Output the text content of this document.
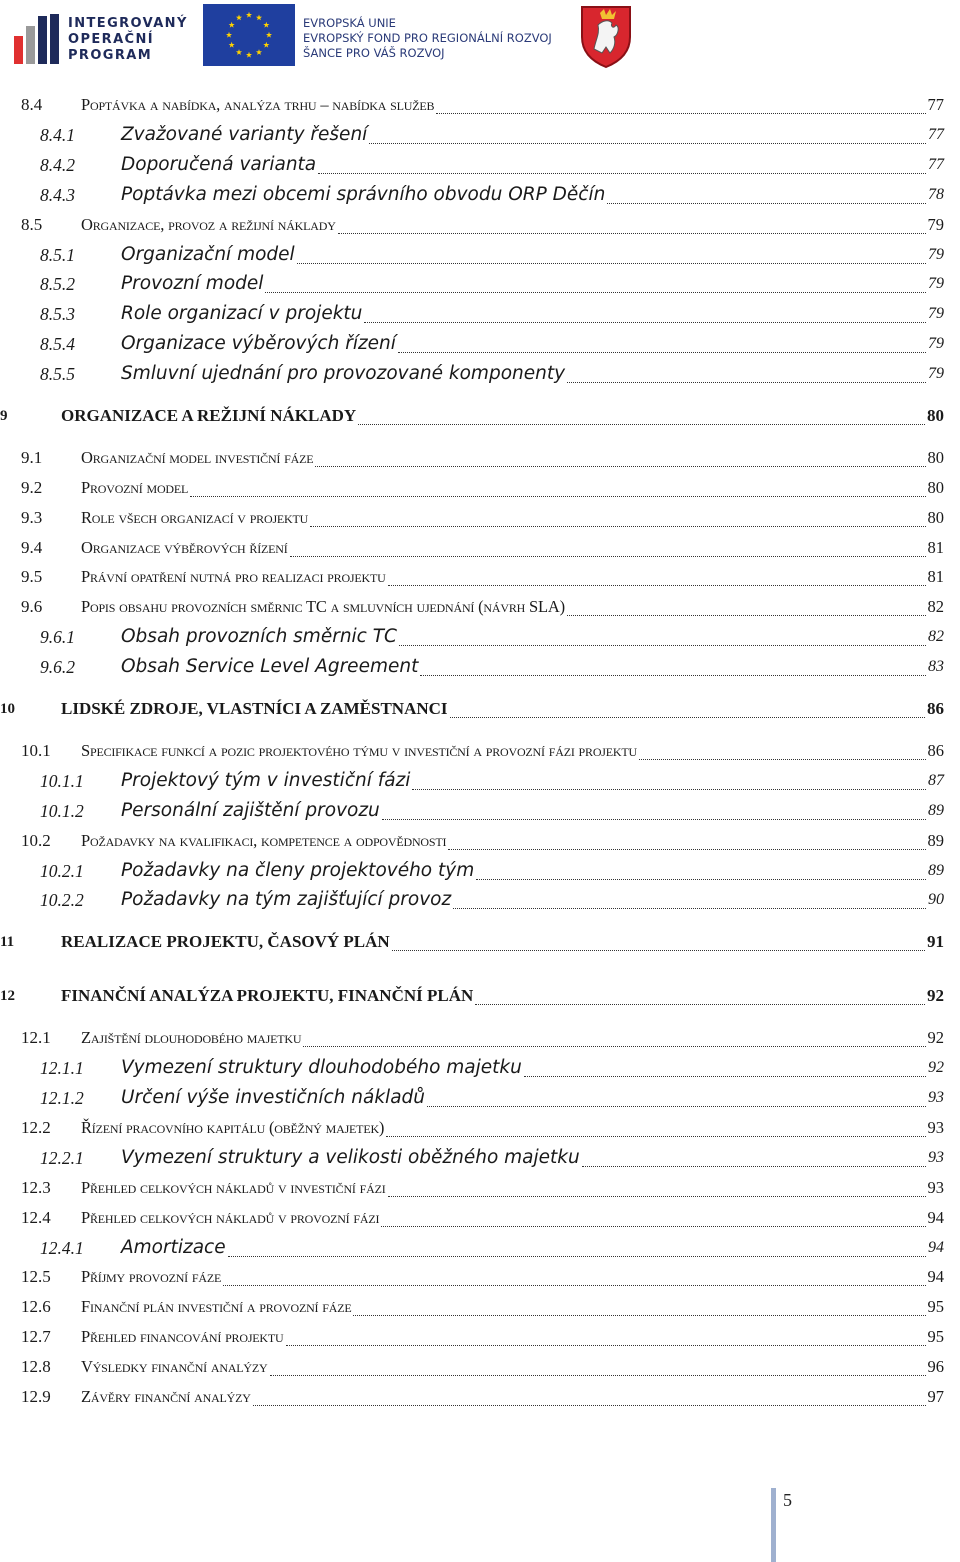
INTEGROVANÝ
OPERAČNÍ
PROGRAM
EVROPSKÁ UNIE
EVROPSKÝ FOND PRO REGIONÁLNÍ ROZVOJ
ŠANCE PRO VÁŠ ROZVOJ
8.4	Poptávka a nabídka, analýza trhu – nabídka služeb	77
8.4.1	Zvažované varianty řešení	77
8.4.2	Doporučená varianta	77
8.4.3	Poptávka mezi obcemi správního obvodu ORP Děčín	78
8.5	Organizace, provoz a režijní náklady	79
8.5.1	Organizační model	79
8.5.2	Provozní model	79
8.5.3	Role organizací v projektu	79
8.5.4	Organizace výběrových řízení	79
8.5.5	Smluvní ujednání pro provozované komponenty	79
9	ORGANIZACE A REŽIJNÍ NÁKLADY	80
9.1	Organizační model investiční fáze	80
9.2	Provozní model	80
9.3	Role všech organizací v projektu	80
9.4	Organizace výběrových řízení	81
9.5	Právní opatření nutná pro realizaci projektu	81
9.6	Popis obsahu provozních směrnic TC a smluvních ujednání (návrh SLA)	82
9.6.1	Obsah provozních směrnic TC	82
9.6.2	Obsah Service Level Agreement	83
10	LIDSKÉ ZDROJE, VLASTNÍCI A ZAMĚSTNANCI	86
10.1	Specifikace funkcí a pozic projektového týmu v investiční a provozní fázi projektu	86
10.1.1	Projektový tým v investiční fázi	87
10.1.2	Personální zajištění provozu	89
10.2	Požadavky na kvalifikaci, kompetence a odpovědnosti	89
10.2.1	Požadavky na členy projektového tým	89
10.2.2	Požadavky na tým zajišťující provoz	90
11	REALIZACE PROJEKTU, ČASOVÝ PLÁN	91
12	FINANČNÍ ANALÝZA PROJEKTU, FINANČNÍ PLÁN	92
12.1	Zajištění dlouhodobého majetku	92
12.1.1	Vymezení struktury dlouhodobého majetku	92
12.1.2	Určení výše investičních nákladů	93
12.2	Řízení pracovního kapitálu (oběžný majetek)	93
12.2.1	Vymezení struktury a velikosti oběžného majetku	93
12.3	Přehled celkových nákladů v investiční fázi	93
12.4	Přehled celkových nákladů v provozní fázi	94
12.4.1	Amortizace	94
12.5	Příjmy provozní fáze	94
12.6	Finanční plán investiční a provozní fáze	95
12.7	Přehled financování projektu	95
12.8	Výsledky finanční analýzy	96
12.9	Závěry finanční analýzy	97
5
